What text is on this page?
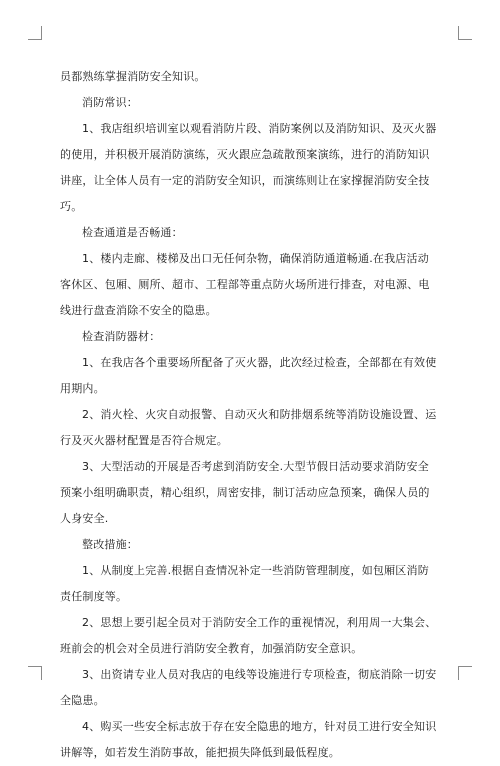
员都熟练掌握消防安全知识。

消防常识：

1、我店组织培训室以观看消防片段、消防案例以及消防知识、及灭火器的使用，并积极开展消防演练，灭火跟应急疏散预案演练，进行的消防知识讲座，让全体人员有一定的消防安全知识，而演练则让在家撑握消防安全技巧。

检查通道是否畅通：

1、楼内走廊、楼梯及出口无任何杂物，确保消防通道畅通.在我店活动客休区、包厢、厕所、超市、工程部等重点防火场所进行排查，对电源、电线进行盘查消除不安全的隐患。

检查消防器材：

1、在我店各个重要场所配备了灭火器，此次经过检查，全部都在有效使用期内。

2、消火栓、火灾自动报警、自动灭火和防排烟系统等消防设施设置、运行及灭火器材配置是否符合规定。

3、大型活动的开展是否考虑到消防安全.大型节假日活动要求消防安全预案小组明确职责，精心组织，周密安排，制订活动应急预案，确保人员的人身安全.

整改措施：

1、从制度上完善.根据自查情况补定一些消防管理制度，如包厢区消防责任制度等。

2、思想上要引起全员对于消防安全工作的重视情况，利用周一大集会、班前会的机会对全员进行消防安全教育，加强消防安全意识。

3、出资请专业人员对我店的电线等设施进行专项检查，彻底消除一切安全隐患。

4、购买一些安全标志放于存在安全隐患的地方，针对员工进行安全知识讲解等，如若发生消防事故，能把损失降低到最低程度。
